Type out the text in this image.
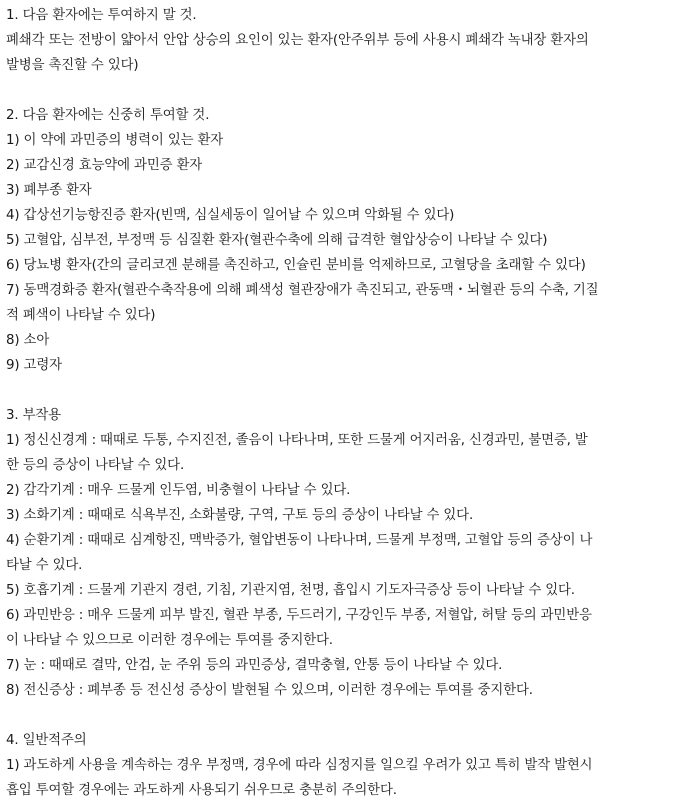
1. 다음 환자에는 투여하지 말 것.
폐쇄각 또는 전방이 얇아서 안압 상승의 요인이 있는 환자(안주위부 등에 사용시 폐쇄각 녹내장 환자의
발병을 촉진할 수 있다)
2. 다음 환자에는 신중히 투여할 것.
1) 이 약에 과민증의 병력이 있는 환자
2) 교감신경 효능약에 과민증 환자
3) 폐부종 환자
4) 갑상선기능항진증 환자(빈맥, 심실세동이 일어날 수 있으며 악화될 수 있다)
5) 고혈압, 심부전, 부정맥 등 심질환 환자(혈관수축에 의해 급격한 혈압상승이 나타날 수 있다)
6) 당뇨병 환자(간의 글리코겐 분해를 촉진하고, 인슐린 분비를 억제하므로, 고혈당을 초래할 수 있다)
7) 동맥경화증 환자(혈관수축작용에 의해 폐색성 혈관장애가 촉진되고, 관동맥・뇌혈관 등의 수축, 기질
적 폐색이 나타날 수 있다)
8) 소아
9) 고령자
3. 부작용
1) 정신신경계 : 때때로 두통, 수지진전, 졸음이 나타나며, 또한 드물게 어지러움, 신경과민, 불면증, 발
한 등의 증상이 나타날 수 있다.
2) 감각기계 : 매우 드물게 인두염, 비충혈이 나타날 수 있다.
3) 소화기계 : 때때로 식욕부진, 소화불량, 구역, 구토 등의 증상이 나타날 수 있다.
4) 순환기계 : 때때로 심계항진, 맥박증가, 혈압변동이 나타나며, 드물게 부정맥, 고혈압 등의 증상이 나
타날 수 있다.
5) 호흡기계 : 드물게 기관지 경련, 기침, 기관지염, 천명, 흡입시 기도자극증상 등이 나타날 수 있다.
6) 과민반응 : 매우 드물게 피부 발진, 혈관 부종, 두드러기, 구강인두 부종, 저혈압, 허탈 등의 과민반응
이 나타날 수 있으므로 이러한 경우에는 투여를 중지한다.
7) 눈 : 때때로 결막, 안검, 눈 주위 등의 과민증상, 결막충혈, 안통 등이 나타날 수 있다.
8) 전신증상 : 폐부종 등 전신성 증상이 발현될 수 있으며, 이러한 경우에는 투여를 중지한다.
4. 일반적주의
1) 과도하게 사용을 계속하는 경우 부정맥, 경우에 따라 심정지를 일으킬 우려가 있고 특히 발작 발현시
흡입 투여할 경우에는 과도하게 사용되기 쉬우므로 충분히 주의한다.
